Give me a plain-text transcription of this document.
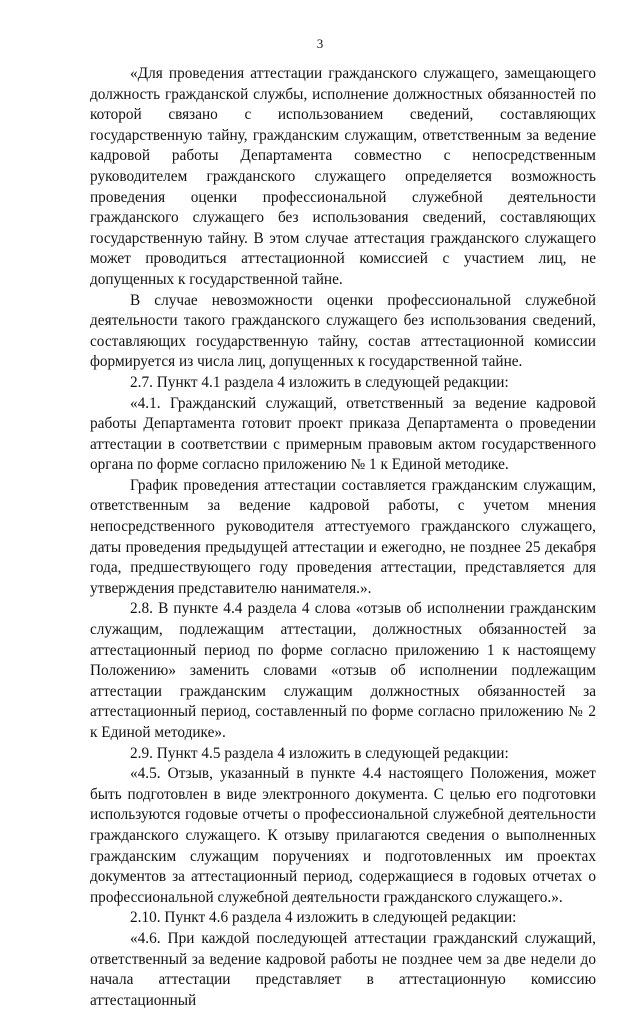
3

«Для проведения аттестации гражданского служащего, замещающего должность гражданской службы, исполнение должностных обязанностей по которой связано с использованием сведений, составляющих государственную тайну, гражданским служащим, ответственным за ведение кадровой работы Департамента совместно с непосредственным руководителем гражданского служащего определяется возможность проведения оценки профессиональной служебной деятельности гражданского служащего без использования сведений, составляющих государственную тайну. В этом случае аттестация гражданского служащего может проводиться аттестационной комиссией с участием лиц, не допущенных к государственной тайне.

В случае невозможности оценки профессиональной служебной деятельности такого гражданского служащего без использования сведений, составляющих государственную тайну, состав аттестационной комиссии формируется из числа лиц, допущенных к государственной тайне.

2.7. Пункт 4.1 раздела 4 изложить в следующей редакции:

«4.1. Гражданский служащий, ответственный за ведение кадровой работы Департамента готовит проект приказа Департамента о проведении аттестации в соответствии с примерным правовым актом государственного органа по форме согласно приложению № 1 к Единой методике.

График проведения аттестации составляется гражданским служащим, ответственным за ведение кадровой работы, с учетом мнения непосредственного руководителя аттестуемого гражданского служащего, даты проведения предыдущей аттестации и ежегодно, не позднее 25 декабря года, предшествующего году проведения аттестации, представляется для утверждения представителю нанимателя.».

2.8. В пункте 4.4 раздела 4 слова «отзыв об исполнении гражданским служащим, подлежащим аттестации, должностных обязанностей за аттестационный период по форме согласно приложению 1 к настоящему Положению» заменить словами «отзыв об исполнении подлежащим аттестации гражданским служащим должностных обязанностей за аттестационный период, составленный по форме согласно приложению № 2 к Единой методике».

2.9. Пункт 4.5 раздела 4 изложить в следующей редакции:

«4.5. Отзыв, указанный в пункте 4.4 настоящего Положения, может быть подготовлен в виде электронного документа. С целью его подготовки используются годовые отчеты о профессиональной служебной деятельности гражданского служащего. К отзыву прилагаются сведения о выполненных гражданским служащим поручениях и подготовленных им проектах документов за аттестационный период, содержащиеся в годовых отчетах о профессиональной служебной деятельности гражданского служащего.».

2.10. Пункт 4.6 раздела 4 изложить в следующей редакции:

«4.6. При каждой последующей аттестации гражданский служащий, ответственный за ведение кадровой работы не позднее чем за две недели до начала аттестации представляет в аттестационную комиссию аттестационный
